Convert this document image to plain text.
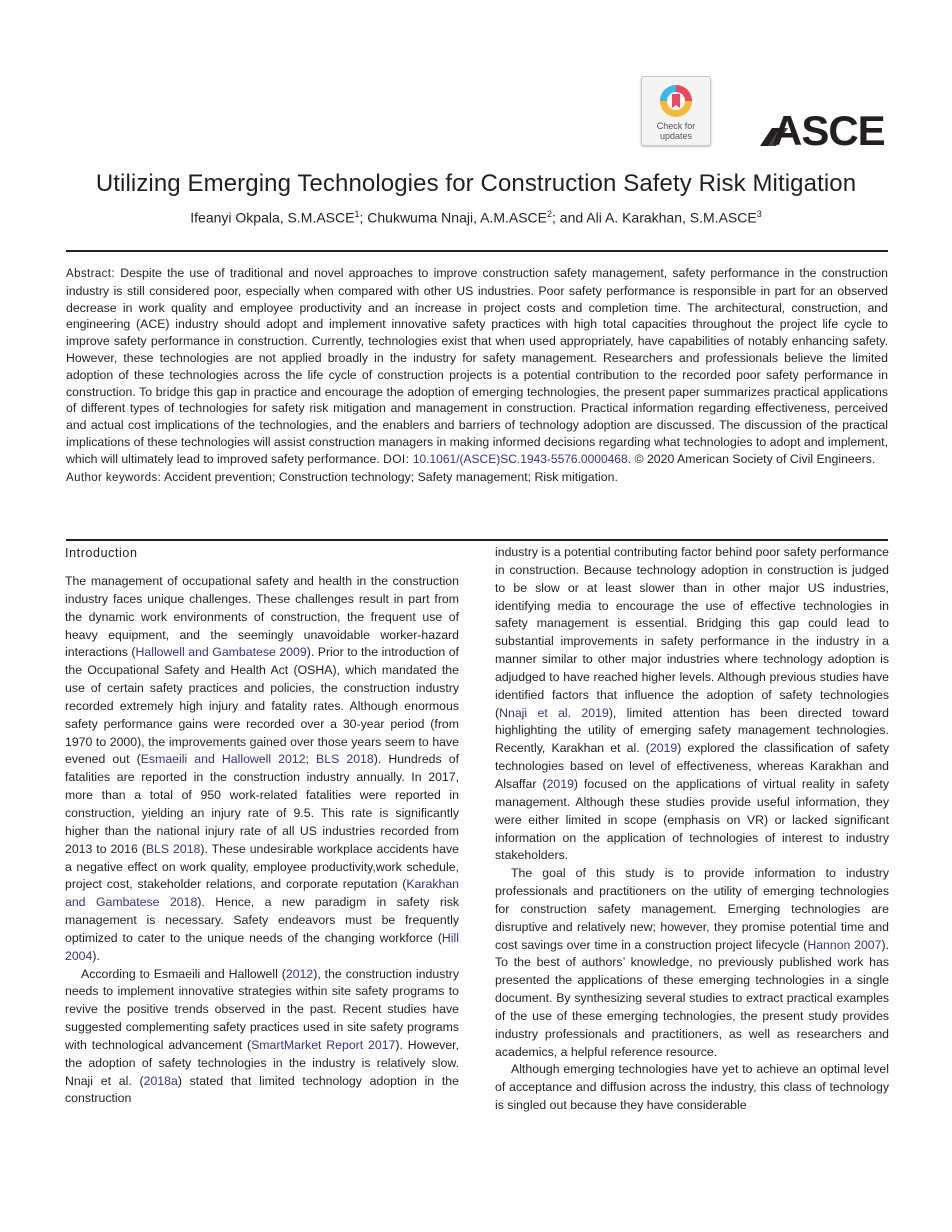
Check for
updates	ASCE
Utilizing Emerging Technologies for Construction Safety Risk Mitigation
Ifeanyi Okpala, S.M.ASCE$^1$; Chukwuma Nnaji, A.M.ASCE$^2$; and Ali A. Karakhan, S.M.ASCE$^3$
Abstract: Despite the use of traditional and novel approaches to improve construction safety management, safety performance in the construction industry is still considered poor, especially when compared with other US industries. Poor safety performance is responsible in part for an observed decrease in work quality and employee productivity and an increase in project costs and completion time. The architectural, construction, and engineering (ACE) industry should adopt and implement innovative safety practices with high total capacities throughout the project life cycle to improve safety performance in construction. Currently, technologies exist that when used appropriately, have capabilities of notably enhancing safety. However, these technologies are not applied broadly in the industry for safety management. Researchers and professionals believe the limited adoption of these technologies across the life cycle of construction projects is a potential contribution to the recorded poor safety performance in construction. To bridge this gap in practice and encourage the adoption of emerging technologies, the present paper summarizes practical applications of different types of technologies for safety risk mitigation and management in construction. Practical information regarding effectiveness, perceived and actual cost implications of the technologies, and the enablers and barriers of technology adoption are discussed. The discussion of the practical implications of these technologies will assist construction managers in making informed decisions regarding what technologies to adopt and implement, which will ultimately lead to improved safety performance. DOI: 10.1061/(ASCE)SC.1943-5576.0000468. © 2020 American Society of Civil Engineers.
Author keywords: Accident prevention; Construction technology; Safety management; Risk mitigation.
Introduction

The management of occupational safety and health in the construction industry faces unique challenges. These challenges result in part from the dynamic work environments of construction, the frequent use of heavy equipment, and the seemingly unavoidable worker-hazard interactions (Hallowell and Gambatese 2009). Prior to the introduction of the Occupational Safety and Health Act (OSHA), which mandated the use of certain safety practices and policies, the construction industry recorded extremely high injury and fatality rates. Although enormous safety performance gains were recorded over a 30-year period (from 1970 to 2000), the improvements gained over those years seem to have evened out (Esmaeili and Hallowell 2012; BLS 2018). Hundreds of fatalities are reported in the construction industry annually. In 2017, more than a total of 950 work-related fatalities were reported in construction, yielding an injury rate of 9.5. This rate is significantly higher than the national injury rate of all US industries recorded from 2013 to 2016 (BLS 2018). These undesirable workplace accidents have a negative effect on work quality, employee productivity,work schedule, project cost, stakeholder relations, and corporate reputation (Karakhan and Gambatese 2018). Hence, a new paradigm in safety risk management is necessary. Safety endeavors must be frequently optimized to cater to the unique needs of the changing workforce (Hill 2004).

According to Esmaeili and Hallowell (2012), the construction industry needs to implement innovative strategies within site safety programs to revive the positive trends observed in the past. Recent studies have suggested complementing safety practices used in site safety programs with technological advancement (SmartMarket Report 2017). However, the adoption of safety technologies in the industry is relatively slow. Nnaji et al. (2018a) stated that limited technology adoption in the construction

industry is a potential contributing factor behind poor safety performance in construction. Because technology adoption in construction is judged to be slow or at least slower than in other major US industries, identifying media to encourage the use of effective technologies in safety management is essential. Bridging this gap could lead to substantial improvements in safety performance in the industry in a manner similar to other major industries where technology adoption is adjudged to have reached higher levels. Although previous studies have identified factors that influence the adoption of safety technologies (Nnaji et al. 2019), limited attention has been directed toward highlighting the utility of emerging safety management technologies. Recently, Karakhan et al. (2019) explored the classification of safety technologies based on level of effectiveness, whereas Karakhan and Alsaffar (2019) focused on the applications of virtual reality in safety management. Although these studies provide useful information, they were either limited in scope (emphasis on VR) or lacked significant information on the application of technologies of interest to industry stakeholders.

The goal of this study is to provide information to industry professionals and practitioners on the utility of emerging technologies for construction safety management. Emerging technologies are disruptive and relatively new; however, they promise potential time and cost savings over time in a construction project lifecycle (Hannon 2007). To the best of authors’ knowledge, no previously published work has presented the applications of these emerging technologies in a single document. By synthesizing several studies to extract practical examples of the use of these emerging technologies, the present study provides industry professionals and practitioners, as well as researchers and academics, a helpful reference resource.

Although emerging technologies have yet to achieve an optimal level of acceptance and diffusion across the industry, this class of technology is singled out because they have considerable
